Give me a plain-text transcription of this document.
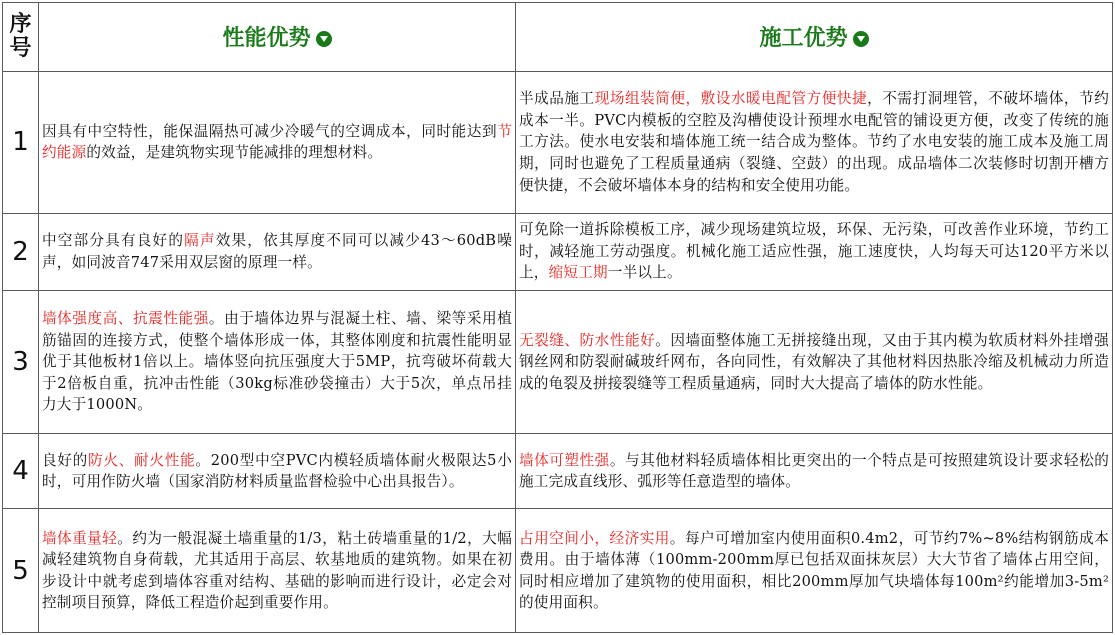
序号	性能优势	施工优势
1	因具有中空特性，能保温隔热可减少冷暖气的空调成本，同时能达到节约能源的效益，是建筑物实现节能减排的理想材料。	半成品施工现场组装简便，敷设水暖电配管方便快捷，不需打洞埋管，不破坏墙体，节约成本一半。PVC内模板的空腔及沟槽使设计预埋水电配管的铺设更方便，改变了传统的施工方法。使水电安装和墙体施工统一结合成为整体。节约了水电安装的施工成本及施工周期，同时也避免了工程质量通病（裂缝、空鼓）的出现。成品墙体二次装修时切割开槽方便快捷，不会破坏墙体本身的结构和安全使用功能。
2	中空部分具有良好的隔声效果，依其厚度不同可以减少43～60dB噪声，如同波音747采用双层窗的原理一样。	可免除一道拆除模板工序，减少现场建筑垃圾，环保、无污染，可改善作业环境，节约工时，减轻施工劳动强度。机械化施工适应性强，施工速度快，人均每天可达120平方米以上，缩短工期一半以上。
3	墙体强度高、抗震性能强。由于墙体边界与混凝土柱、墙、梁等采用植筋锚固的连接方式，使整个墙体形成一体，其整体刚度和抗震性能明显优于其他板材1倍以上。墙体竖向抗压强度大于5MP，抗弯破坏荷载大于2倍板自重，抗冲击性能（30kg标准砂袋撞击）大于5次，单点吊挂力大于1000N。	无裂缝、防水性能好。因墙面整体施工无拼接缝出现，又由于其内模为软质材料外挂增强钢丝网和防裂耐碱玻纤网布，各向同性，有效解决了其他材料因热胀冷缩及机械动力所造成的龟裂及拼接裂缝等工程质量通病，同时大大提高了墙体的防水性能。
4	良好的防火、耐火性能。200型中空PVC内模轻质墙体耐火极限达5小时，可用作防火墙（国家消防材料质量监督检验中心出具报告）。	墙体可塑性强。与其他材料轻质墙体相比更突出的一个特点是可按照建筑设计要求轻松的施工完成直线形、弧形等任意造型的墙体。
5	墙体重量轻。约为一般混凝土墙重量的1/3，粘土砖墙重量的1/2，大幅减轻建筑物自身荷载，尤其适用于高层、软基地质的建筑物。如果在初步设计中就考虑到墙体容重对结构、基础的影响而进行设计，必定会对控制项目预算，降低工程造价起到重要作用。	占用空间小，经济实用。每户可增加室内使用面积0.4m2，可节约7%~8%结构钢筋成本费用。由于墙体薄（100mm-200mm厚已包括双面抹灰层）大大节省了墙体占用空间，同时相应增加了建筑物的使用面积，相比200mm厚加气块墙体每100m²约能增加3-5m²的使用面积。
